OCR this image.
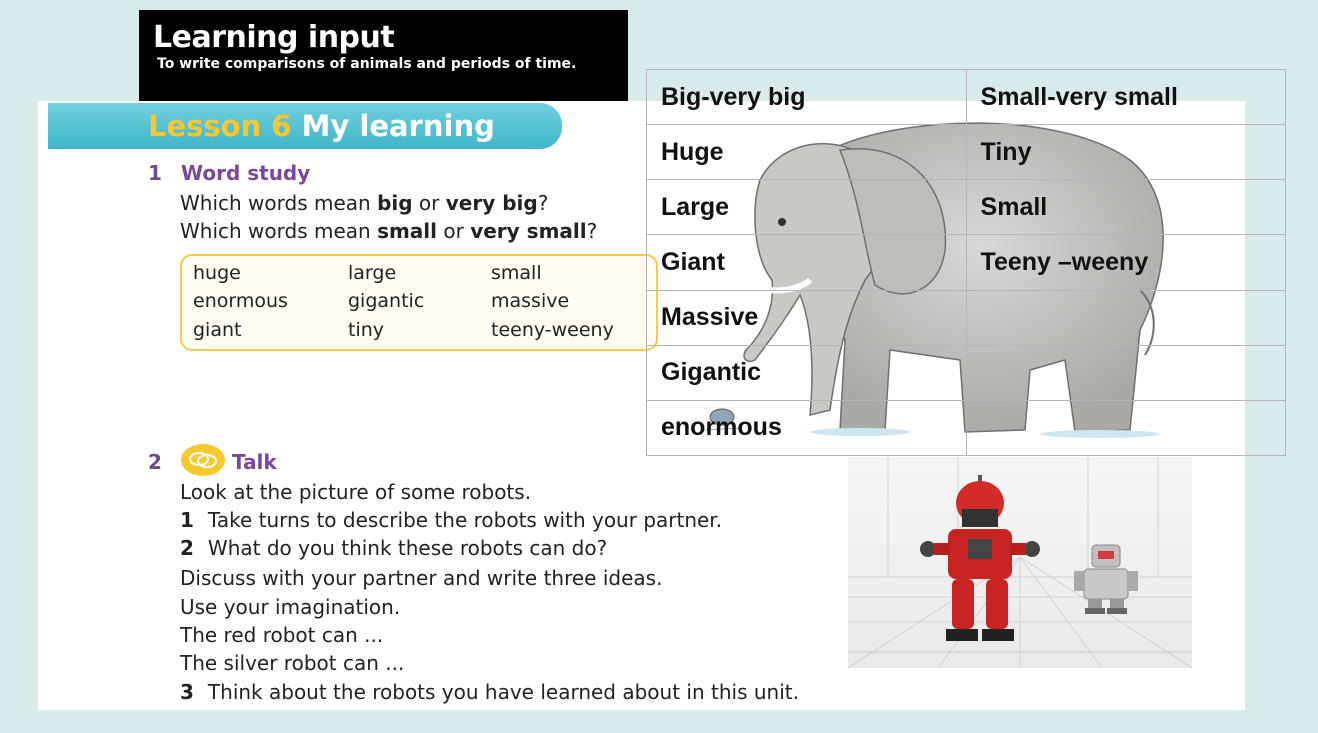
Learning input
To write comparisons of animals and periods of time.
Lesson 6 My learning
1 Word study
Which words mean big or very big?
Which words mean small or very small?
huge	large	small
enormous	gigantic	massive
giant	tiny	teeny-weeny
2	Talk
Look at the picture of some robots.
1 Take turns to describe the robots with your partner.
2 What do you think these robots can do?
Discuss with your partner and write three ideas.
Use your imagination.
The red robot can ...
The silver robot can ...
3 Think about the robots you have learned about in this unit.
Big-very big	Small-very small
Huge	Tiny
Large	Small
Giant	Teeny –weeny
Massive	
Gigantic	
enormous	
